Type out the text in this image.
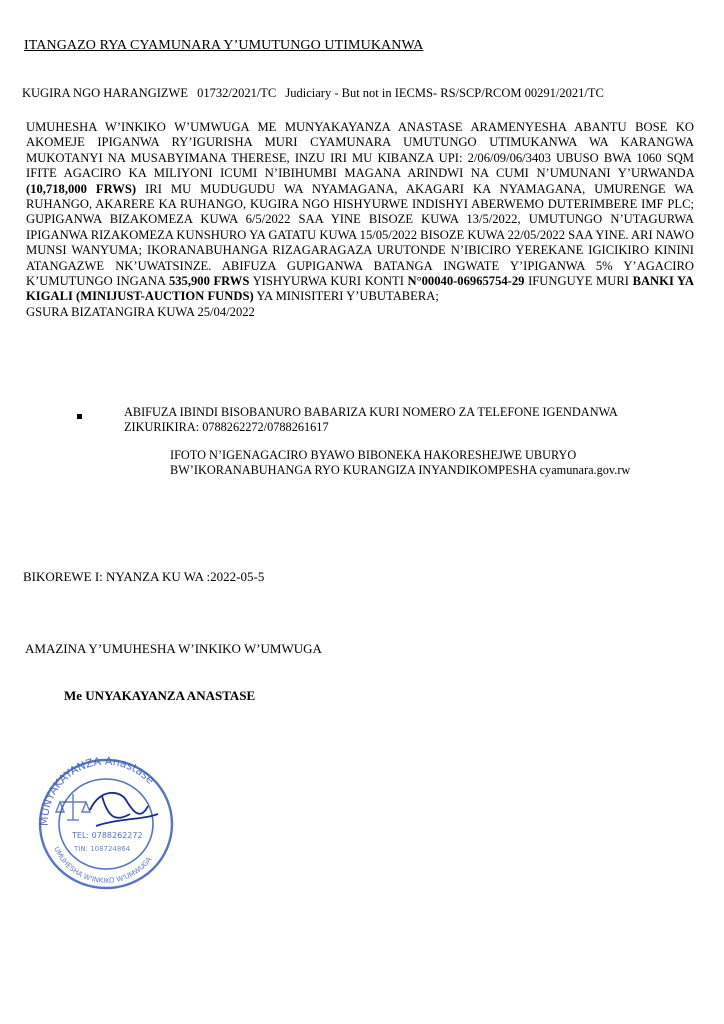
ITANGAZO RYA CYAMUNARA Y’UMUTUNGO UTIMUKANWA
KUGIRA NGO HARANGIZWE 01732/2021/TC Judiciary - But not in IECMS- RS/SCP/RCOM 00291/2021/TC
UMUHESHA W’INKIKO W’UMWUGA ME MUNYAKAYANZA ANASTASE ARAMENYESHA ABANTU BOSE KO AKOMEJE IPIGANWA RY’IGURISHA MURI CYAMUNARA UMUTUNGO UTIMUKANWA WA KARANGWA MUKOTANYI NA MUSABYIMANA THERESE, INZU IRI MU KIBANZA UPI: 2/06/09/06/3403 UBUSO BWA 1060 SQM IFITE AGACIRO KA MILIYONI ICUMI N’IBIHUMBI MAGANA ARINDWI NA CUMI N’UMUNANI Y’URWANDA (10,718,000 FRWS) IRI MU MUDUGUDU WA NYAMAGANA, AKAGARI KA NYAMAGANA, UMURENGE WA RUHANGO, AKARERE KA RUHANGO, KUGIRA NGO HISHYURWE INDISHYI ABERWEMO DUTERIMBERE IMF PLC; GUPIGANWA BIZAKOMEZA KUWA 6/5/2022 SAA YINE BISOZE KUWA 13/5/2022, UMUTUNGO N’UTAGURWA IPIGANWA RIZAKOMEZA KUNSHURO YA GATATU KUWA 15/05/2022 BISOZE KUWA 22/05/2022 SAA YINE. ARI NAWO MUNSI WANYUMA; IKORANABUHANGA RIZAGARAGAZA URUTONDE N’IBICIRO YEREKANE IGICIKIRO KININI ATANGAZWE NK’UWATSINZE. ABIFUZA GUPIGANWA BATANGA INGWATE Y’IPIGANWA 5% Y’AGACIRO K’UMUTUNGO INGANA 535,900 FRWS YISHYURWA KURI KONTI N°00040-06965754-29 IFUNGUYE MURI BANKI YA KIGALI (MINIJUST-AUCTION FUNDS) YA MINISITERI Y’UBUTABERA;
GSURA BIZATANGIRA KUWA 25/04/2022
ABIFUZA IBINDI BISOBANURO BABARIZA KURI NOMERO ZA TELEFONE IGENDANWA ZIKURIKIRA: 0788262272/0788261617
IFOTO N’IGENAGACIRO BYAWO BIBONEKA HAKORESHEJWE UBURYO BW’IKORANABUHANGA RYO KURANGIZA INYANDIKOMPESHA cyamunara.gov.rw
BIKOREWE I: NYANZA KU WA :2022-05-5
AMAZINA Y’UMUHESHA W’INKIKO W’UMWUGA
Me UNYAKAYANZA ANASTASE
MUNYAKAYANZA Anastase
UMUHESHA W'INKIKO W'UMWUGA
TEL: 0788262272
TIN: 108724864
